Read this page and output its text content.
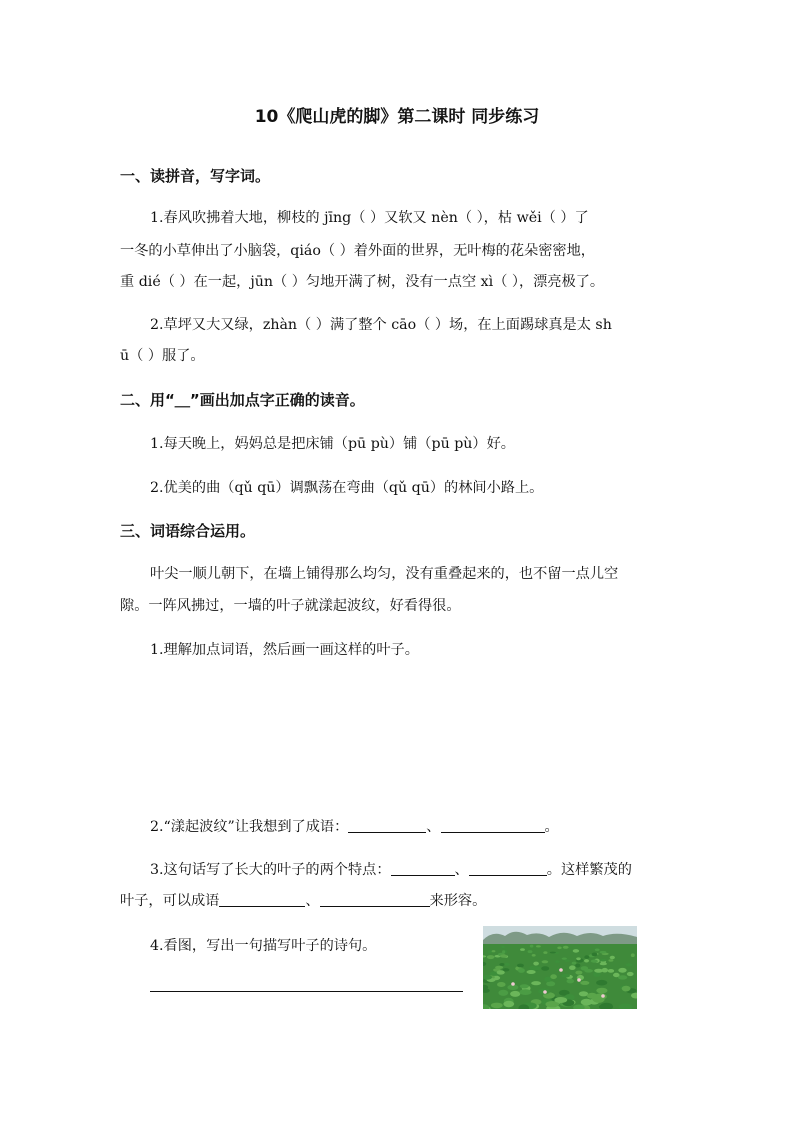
10《爬山虎的脚》第二课时 同步练习
一、读拼音，写字词。
1.春风吹拂着大地，柳枝的 jīng（ ）又软又 nèn（ ），枯 wěi（ ）了
一冬的小草伸出了小脑袋，qiáo（ ）着外面的世界，无叶梅的花朵密密地，
重 dié（ ）在一起，jūn（ ）匀地开满了树，没有一点空 xì（ ），漂亮极了。
2.草坪又大又绿，zhàn（ ）满了整个 cāo（ ）场，在上面踢球真是太 sh
ū（ ）服了。
二、用“＿”画出加点字正确的读音。
1.每天晚上，妈妈总是把床铺（pū pù）铺（pū pù）好。
2.优美的曲（qǔ qū）调飘荡在弯曲（qǔ qū）的林间小路上。
三、词语综合运用。
叶尖一顺儿朝下，在墙上铺得那么均匀，没有重叠起来的，也不留一点儿空
隙。一阵风拂过，一墙的叶子就漾起波纹，好看得很。
1.理解加点词语，然后画一画这样的叶子。
2.“漾起波纹”让我想到了成语：	、	。
3.这句话写了长大的叶子的两个特点：	、	。这样繁茂的
叶子，可以成语	、	来形容。
4.看图，写出一句描写叶子的诗句。
